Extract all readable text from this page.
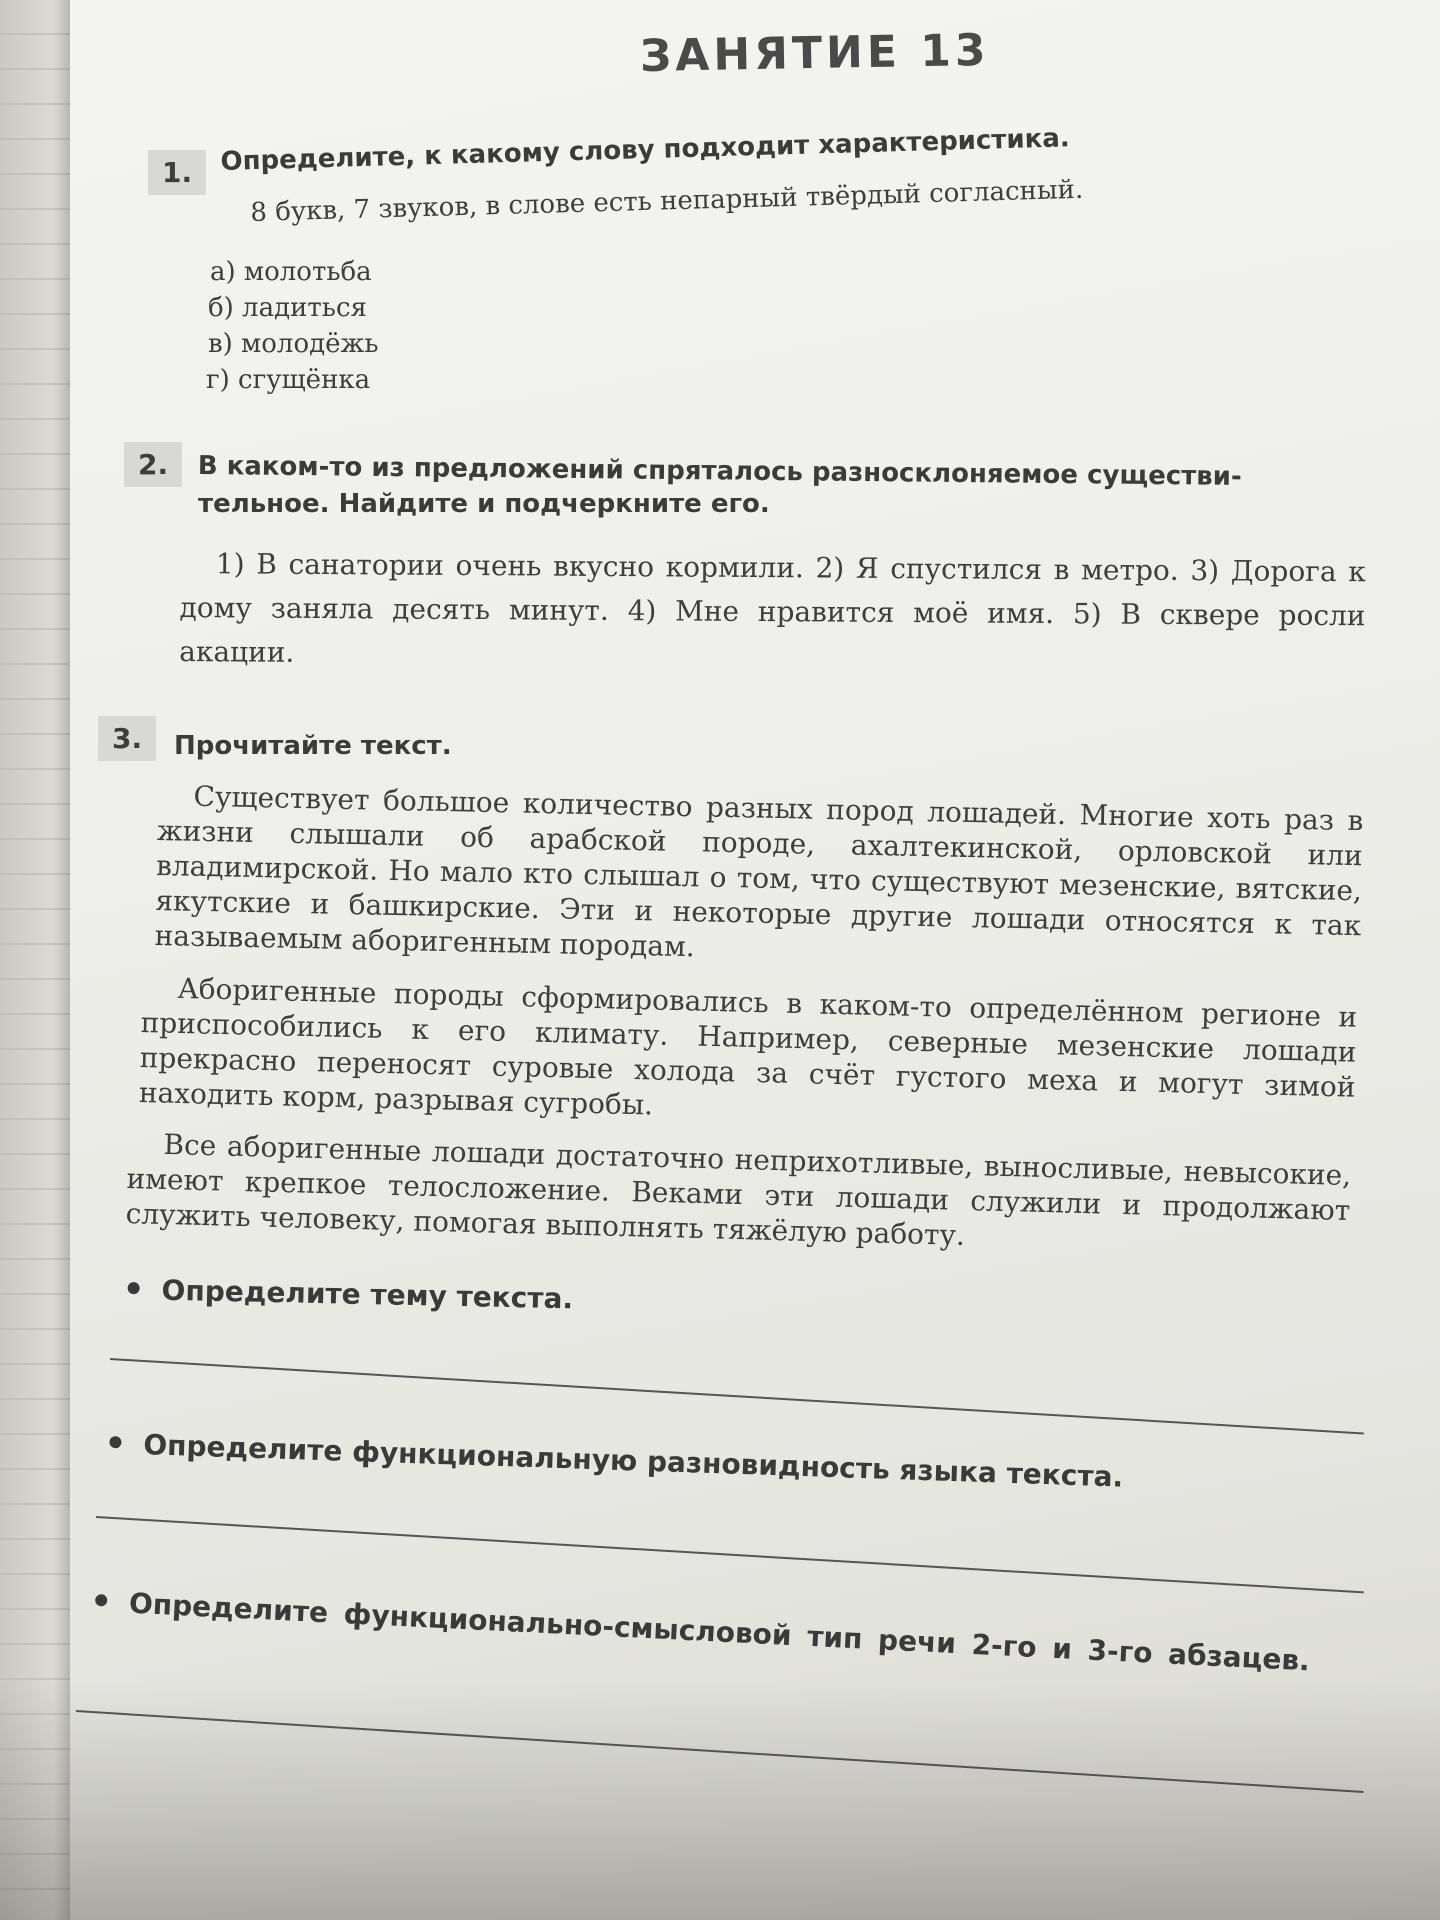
ЗАНЯТИЕ 13
1.	Определите, к какому слову подходит характеристика.
8 букв, 7 звуков, в слове есть непарный твёрдый согласный.
а) молотьба
б) ладиться
в) молодёжь
г) сгущёнка
2.	В каком-то из предложений спряталось разносклоняемое существи-
тельное. Найдите и подчеркните его.
1) В санатории очень вкусно кормили. 2) Я спустился в метро. 3) Дорога к дому заняла десять минут. 4) Мне нравится моё имя. 5) В сквере росли акации.
3.	Прочитайте текст.
Существует большое количество разных пород лошадей. Многие хоть раз в жизни слышали об арабской породе, ахалтекинской, орловской или владимирской. Но мало кто слышал о том, что существуют мезенские, вятские, якутские и башкирские. Эти и некоторые другие лошади относятся к так называемым аборигенным породам.
Аборигенные породы сформировались в каком-то определённом регионе и приспособились к его климату. Например, северные мезенские лошади прекрасно переносят суровые холода за счёт густого меха и могут зимой находить корм, разрывая сугробы.
Все аборигенные лошади достаточно неприхотливые, выносливые, невысокие, имеют крепкое телосложение. Веками эти лошади служили и продолжают служить человеку, помогая выполнять тяжёлую работу.
Определите тему текста.
Определите функциональную разновидность языка текста.
Определите функционально-смысловой тип речи 2-го и 3-го абзацев.
